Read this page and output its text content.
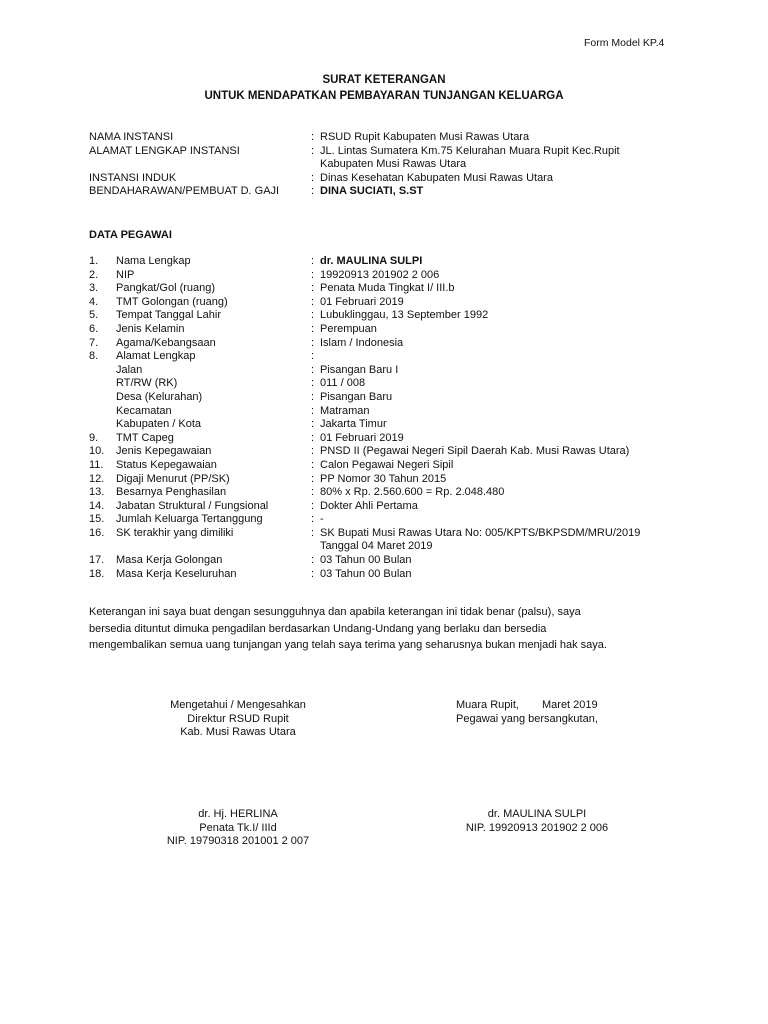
Form Model KP.4
SURAT KETERANGAN
UNTUK MENDAPATKAN PEMBAYARAN TUNJANGAN KELUARGA
NAMA INSTANSI	: RSUD Rupit Kabupaten Musi Rawas Utara
ALAMAT LENGKAP INSTANSI	: JL. Lintas Sumatera Km.75 Kelurahan Muara Rupit Kec.Rupit
Kabupaten Musi Rawas Utara
INSTANSI INDUK	: Dinas Kesehatan Kabupaten Musi Rawas Utara
BENDAHARAWAN/PEMBUAT D. GAJI	: DINA SUCIATI, S.ST
DATA PEGAWAI
1.	Nama Lengkap	: dr. MAULINA SULPI
2.	NIP	: 19920913 201902 2 006
3.	Pangkat/Gol (ruang)	: Penata Muda Tingkat I/ III.b
4.	TMT Golongan (ruang)	: 01 Februari 2019
5.	Tempat Tanggal Lahir	: Lubuklinggau, 13 September 1992
6.	Jenis Kelamin	: Perempuan
7.	Agama/Kebangsaan	: Islam / Indonesia
8.	Alamat Lengkap	:
Jalan	: Pisangan Baru I
RT/RW (RK)	: 011 / 008
Desa (Kelurahan)	: Pisangan Baru
Kecamatan	: Matraman
Kabupaten / Kota	: Jakarta Timur
9.	TMT Capeg	: 01 Februari 2019
10.	Jenis Kepegawaian	: PNSD II (Pegawai Negeri Sipil Daerah Kab. Musi Rawas Utara)
11.	Status Kepegawaian	: Calon Pegawai Negeri Sipil
12.	Digaji Menurut (PP/SK)	: PP Nomor 30 Tahun 2015
13.	Besarnya Penghasilan	: 80% x Rp. 2.560.600 = Rp. 2.048.480
14.	Jabatan Struktural / Fungsional	: Dokter Ahli Pertama
15.	Jumlah Keluarga Tertanggung	: -
16.	SK terakhir yang dimiliki	: SK Bupati Musi Rawas Utara No: 005/KPTS/BKPSDM/MRU/2019
Tanggal 04 Maret 2019
17.	Masa Kerja Golongan	: 03 Tahun 00 Bulan
18.	Masa Kerja Keseluruhan	: 03 Tahun 00 Bulan
Keterangan ini saya buat dengan sesungguhnya dan apabila keterangan ini tidak benar (palsu), saya
bersedia dituntut dimuka pengadilan berdasarkan Undang-Undang yang berlaku dan bersedia
mengembalikan semua uang tunjangan yang telah saya terima yang seharusnya bukan menjadi hak saya.
Mengetahui / Mengesahkan
Direktur RSUD Rupit
Kab. Musi Rawas Utara
Muara Rupit,	Maret 2019
Pegawai yang bersangkutan,
dr. Hj. HERLINA
Penata Tk.I/ IIId
NIP. 19790318 201001 2 007
dr. MAULINA SULPI
NIP. 19920913 201902 2 006
